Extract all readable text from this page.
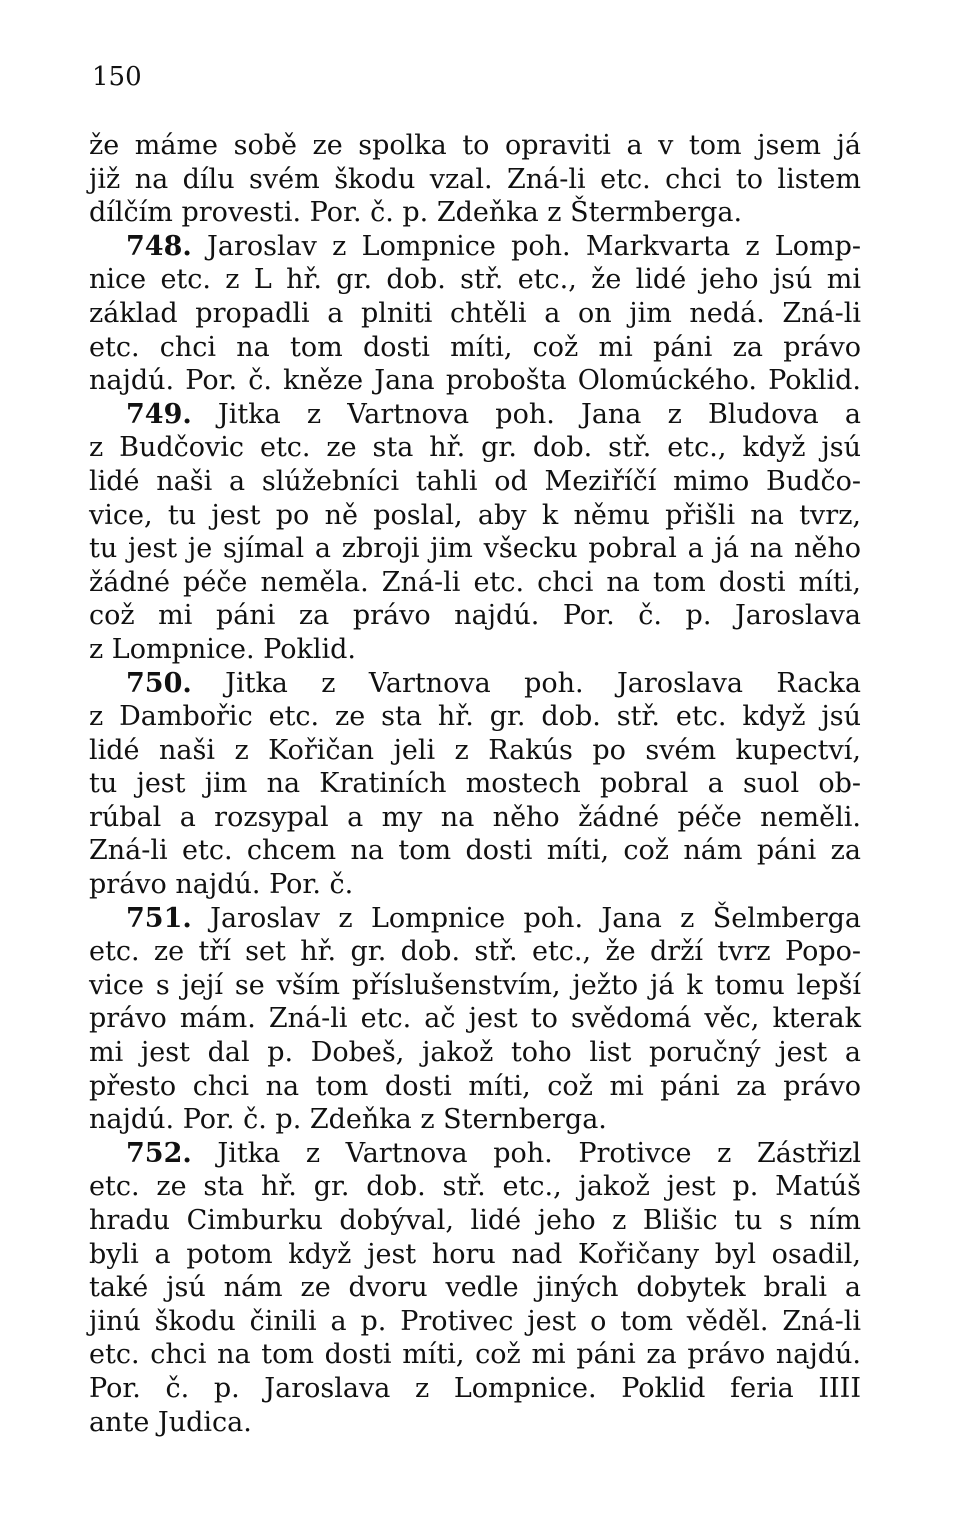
150
že máme sobě ze spolka to opraviti a v tom jsem já
již na dílu svém škodu vzal. Zná-li etc. chci to listem
dílčím provesti. Por. č. p. Zdeňka z Štermberga.
748. Jaroslav z Lompnice poh. Markvarta z Lomp-
nice etc. z L hř. gr. dob. stř. etc., že lidé jeho jsú mi
základ propadli a plniti chtěli a on jim nedá. Zná-li
etc. chci na tom dosti míti, což mi páni za právo
najdú. Por. č. kněze Jana probošta Olomúckého. Poklid.
749. Jitka z Vartnova poh. Jana z Bludova a
z Budčovic etc. ze sta hř. gr. dob. stř. etc., když jsú
lidé naši a slúžebníci tahli od Meziříčí mimo Budčo-
vice, tu jest po ně poslal, aby k němu přišli na tvrz,
tu jest je sjímal a zbroji jim všecku pobral a já na něho
žádné péče neměla. Zná-li etc. chci na tom dosti míti,
což mi páni za právo najdú. Por. č. p. Jaroslava
z Lompnice. Poklid.
750. Jitka z Vartnova poh. Jaroslava Racka
z Dambořic etc. ze sta hř. gr. dob. stř. etc. když jsú
lidé naši z Kořičan jeli z Rakús po svém kupectví,
tu jest jim na Kratiních mostech pobral a suol ob-
rúbal a rozsypal a my na něho žádné péče neměli.
Zná-li etc. chcem na tom dosti míti, což nám páni za
právo najdú. Por. č.
751. Jaroslav z Lompnice poh. Jana z Šelmberga
etc. ze tří set hř. gr. dob. stř. etc., že drží tvrz Popo-
vice s její se vším příslušenstvím, ježto já k tomu lepší
právo mám. Zná-li etc. ač jest to svědomá věc, kterak
mi jest dal p. Dobeš, jakož toho list poručný jest a
přesto chci na tom dosti míti, což mi páni za právo
najdú. Por. č. p. Zdeňka z Sternberga.
752. Jitka z Vartnova poh. Protivce z Zástřizl
etc. ze sta hř. gr. dob. stř. etc., jakož jest p. Matúš
hradu Cimburku dobýval, lidé jeho z Blišic tu s ním
byli a potom když jest horu nad Kořičany byl osadil,
také jsú nám ze dvoru vedle jiných dobytek brali a
jinú škodu činili a p. Protivec jest o tom věděl. Zná-li
etc. chci na tom dosti míti, což mi páni za právo najdú.
Por. č. p. Jaroslava z Lompnice. Poklid feria IIII
ante Judica.
